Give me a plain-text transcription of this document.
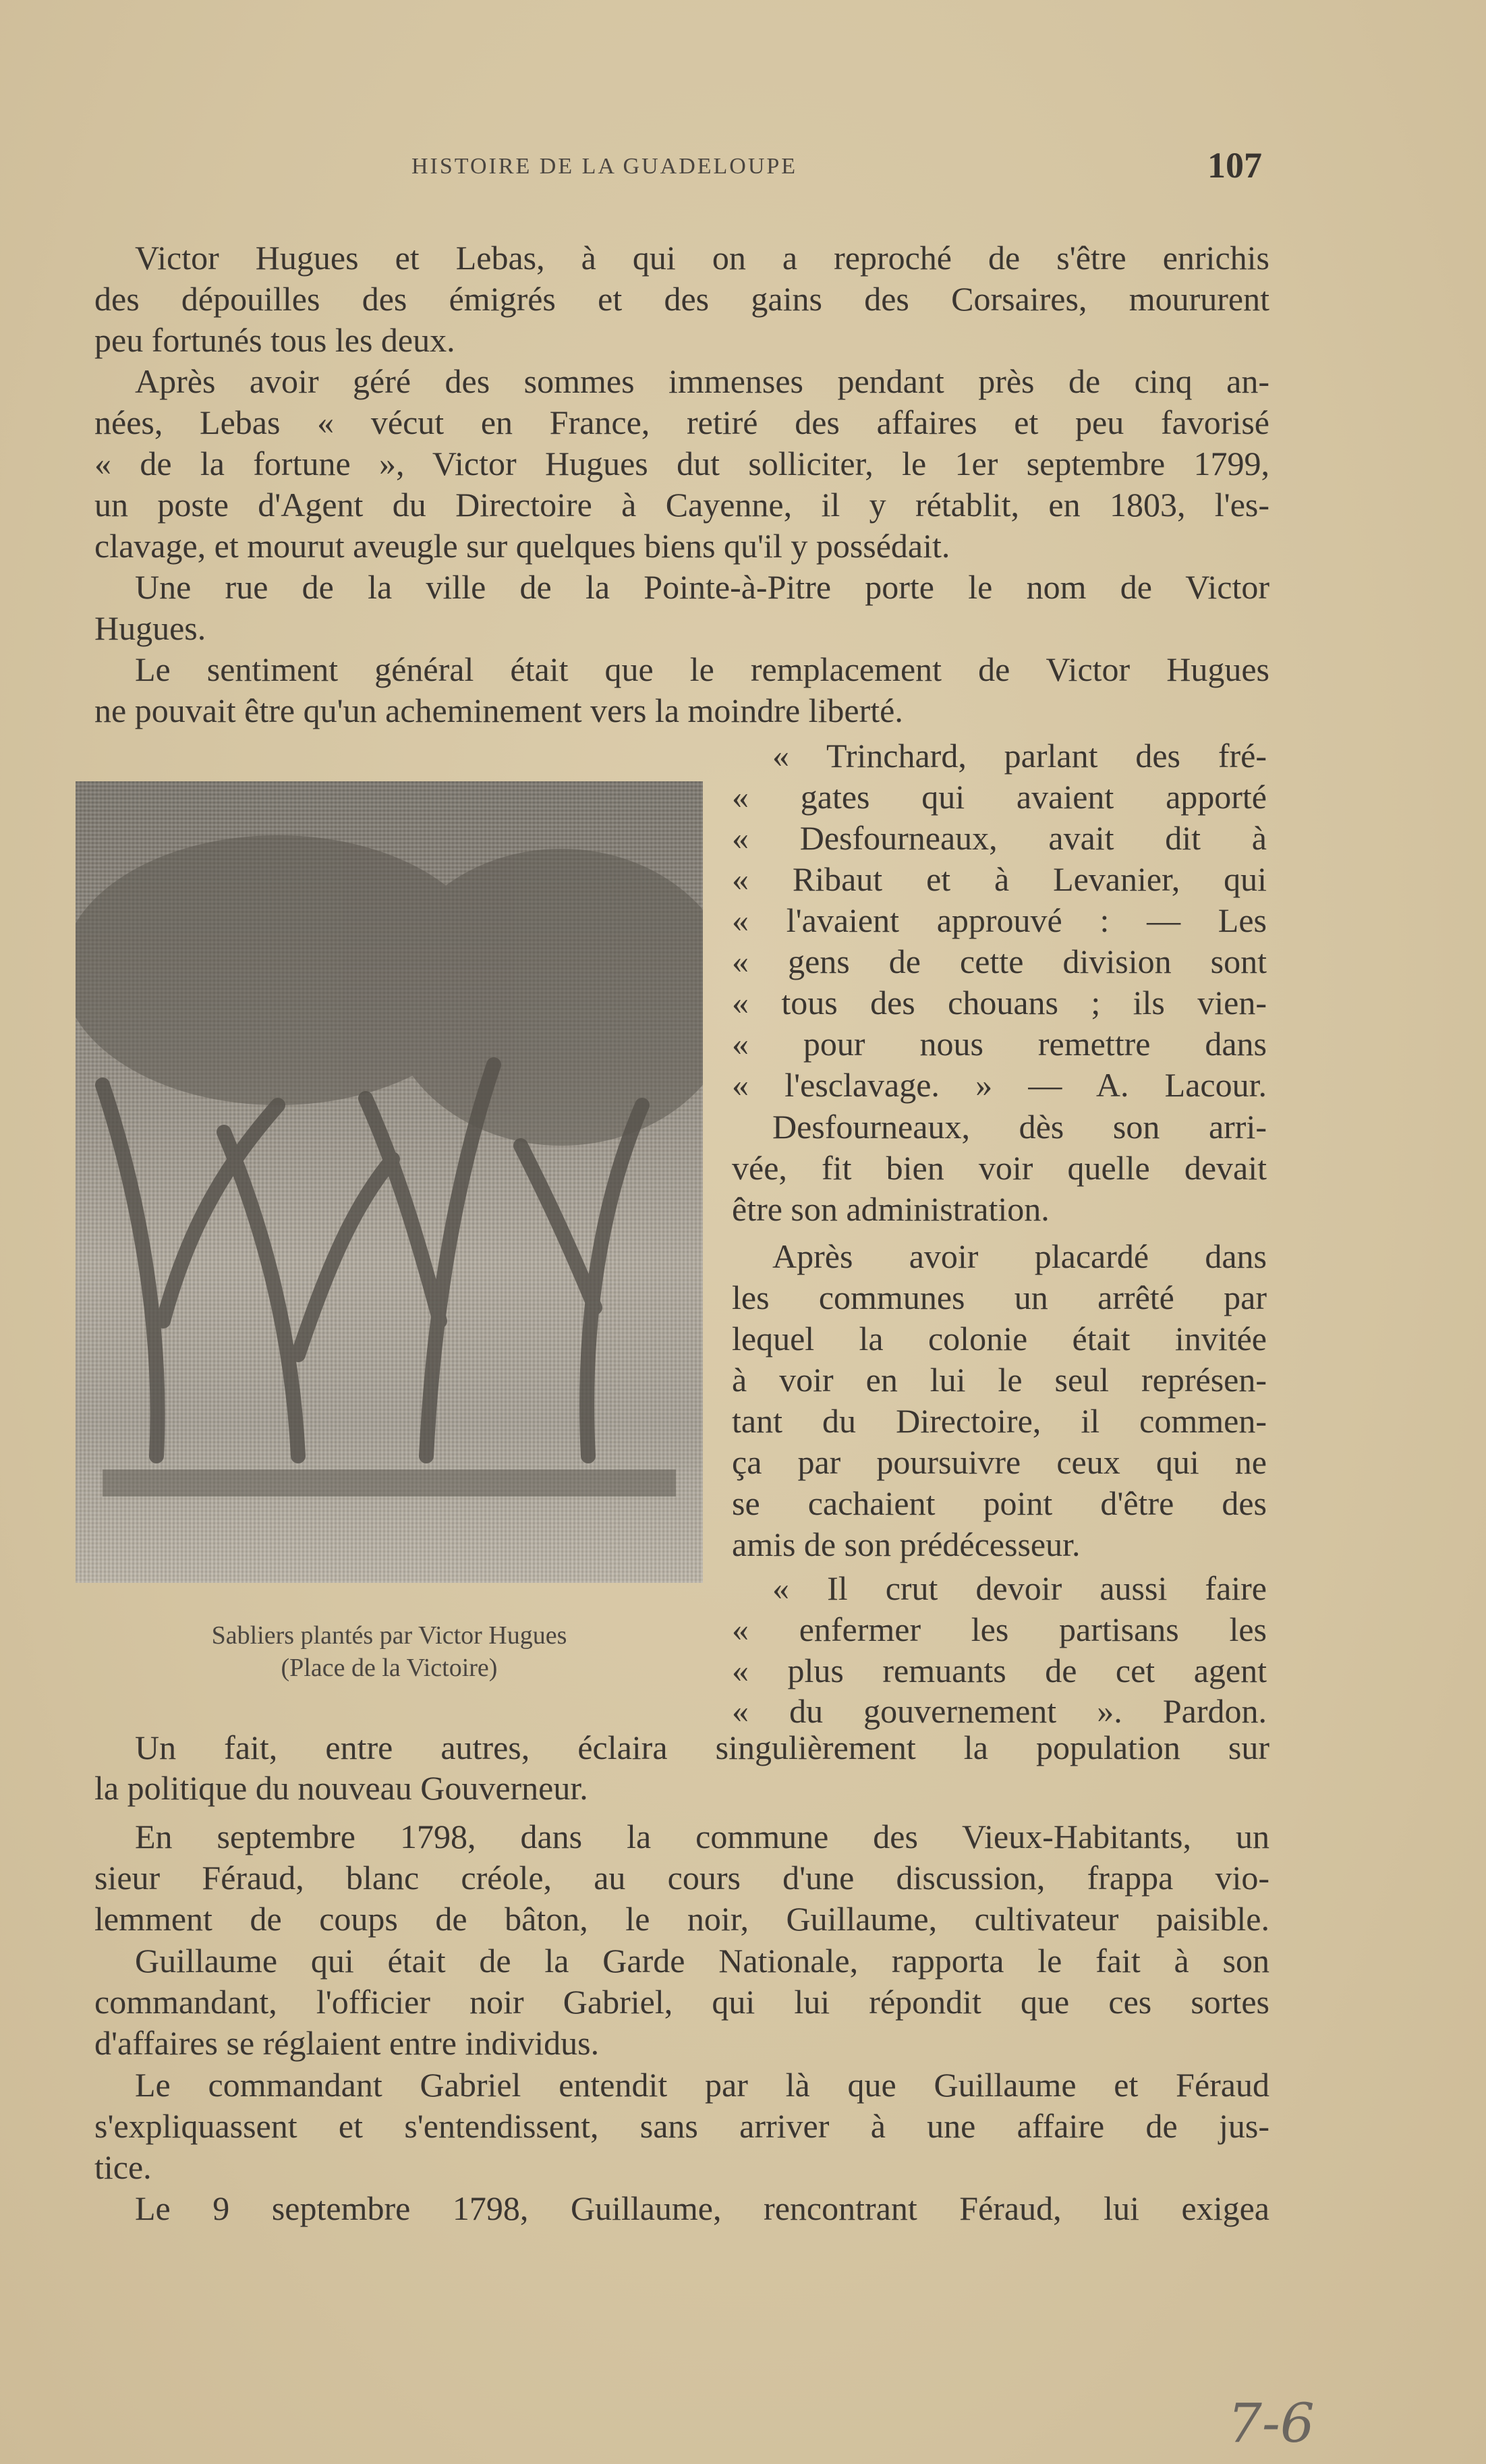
HISTOIRE DE LA GUADELOUPE	107
Sabliers plantés par Victor Hugues
(Place de la Victoire)
Victor Hugues et Lebas, à qui on a reproché de s'être enrichis
des dépouilles des émigrés et des gains des Corsaires, moururent
peu fortunés tous les deux.
Après avoir géré des sommes immenses pendant près de cinq an-
nées, Lebas « vécut en France, retiré des affaires et peu favorisé
« de la fortune », Victor Hugues dut solliciter, le 1er septembre 1799,
un poste d'Agent du Directoire à Cayenne, il y rétablit, en 1803, l'es-
clavage, et mourut aveugle sur quelques biens qu'il y possédait.
Une rue de la ville de la Pointe-à-Pitre porte le nom de Victor
Hugues.
Le sentiment général était que le remplacement de Victor Hugues
ne pouvait être qu'un acheminement vers la moindre liberté.
« Trinchard, parlant des fré-
« gates qui avaient apporté
« Desfourneaux, avait dit à
« Ribaut et à Levanier, qui
« l'avaient approuvé : — Les
« gens de cette division sont
« tous des chouans ; ils vien-
« pour nous remettre dans
« l'esclavage. » — A. Lacour.
Desfourneaux, dès son arri-
vée, fit bien voir quelle devait
être son administration.
Après avoir placardé dans
les communes un arrêté par
lequel la colonie était invitée
à voir en lui le seul représen-
tant du Directoire, il commen-
ça par poursuivre ceux qui ne
se cachaient point d'être des
amis de son prédécesseur.
« Il crut devoir aussi faire
« enfermer les partisans les
« plus remuants de cet agent
« du gouvernement ». Pardon.
Un fait, entre autres, éclaira singulièrement la population sur
la politique du nouveau Gouverneur.
En septembre 1798, dans la commune des Vieux-Habitants, un
sieur Féraud, blanc créole, au cours d'une discussion, frappa vio-
lemment de coups de bâton, le noir, Guillaume, cultivateur paisible.
Guillaume qui était de la Garde Nationale, rapporta le fait à son
commandant, l'officier noir Gabriel, qui lui répondit que ces sortes
d'affaires se réglaient entre individus.
Le commandant Gabriel entendit par là que Guillaume et Féraud
s'expliquassent et s'entendissent, sans arriver à une affaire de jus-
tice.
Le 9 septembre 1798, Guillaume, rencontrant Féraud, lui exigea
7-6
